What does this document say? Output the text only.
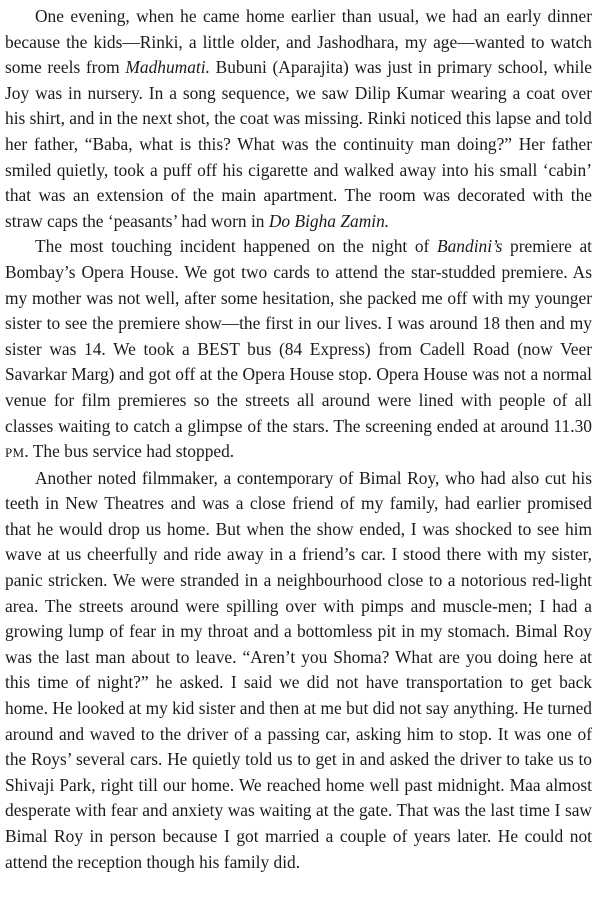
One evening, when he came home earlier than usual, we had an early dinner because the kids—Rinki, a little older, and Jashodhara, my age—wanted to watch some reels from Madhumati. Bubuni (Aparajita) was just in primary school, while Joy was in nursery. In a song sequence, we saw Dilip Kumar wearing a coat over his shirt, and in the next shot, the coat was missing. Rinki noticed this lapse and told her father, “Baba, what is this? What was the continuity man doing?” Her father smiled quietly, took a puff off his cigarette and walked away into his small ‘cabin’ that was an extension of the main apartment. The room was decorated with the straw caps the ‘peasants’ had worn in Do Bigha Zamin.

The most touching incident happened on the night of Bandini’s premiere at Bombay’s Opera House. We got two cards to attend the star-studded premiere. As my mother was not well, after some hesitation, she packed me off with my younger sister to see the premiere show—the first in our lives. I was around 18 then and my sister was 14. We took a BEST bus (84 Express) from Cadell Road (now Veer Savarkar Marg) and got off at the Opera House stop. Opera House was not a normal venue for film premieres so the streets all around were lined with people of all classes waiting to catch a glimpse of the stars. The screening ended at around 11.30 PM. The bus service had stopped.

Another noted filmmaker, a contemporary of Bimal Roy, who had also cut his teeth in New Theatres and was a close friend of my family, had earlier promised that he would drop us home. But when the show ended, I was shocked to see him wave at us cheerfully and ride away in a friend’s car. I stood there with my sister, panic stricken. We were stranded in a neighbourhood close to a notorious red-light area. The streets around were spilling over with pimps and muscle-men; I had a growing lump of fear in my throat and a bottomless pit in my stomach. Bimal Roy was the last man about to leave. “Aren’t you Shoma? What are you doing here at this time of night?” he asked. I said we did not have transportation to get back home. He looked at my kid sister and then at me but did not say anything. He turned around and waved to the driver of a passing car, asking him to stop. It was one of the Roys’ several cars. He quietly told us to get in and asked the driver to take us to Shivaji Park, right till our home. We reached home well past midnight. Maa almost desperate with fear and anxiety was waiting at the gate. That was the last time I saw Bimal Roy in person because I got married a couple of years later. He could not attend the reception though his family did.
